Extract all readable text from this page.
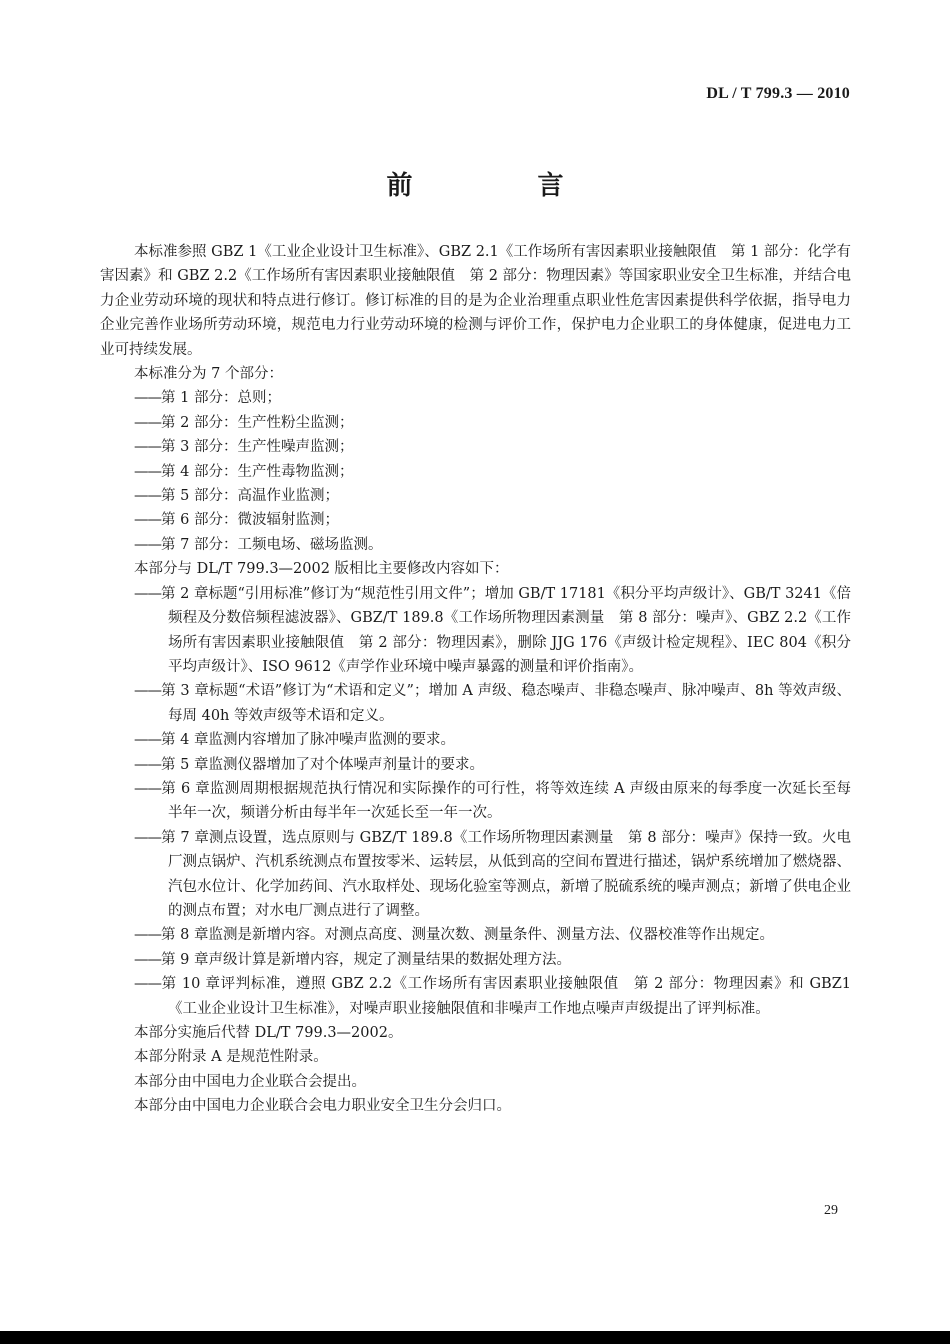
DL / T 799.3 — 2010
前 言

本标准参照 GBZ 1《工业企业设计卫生标准》、GBZ 2.1《工作场所有害因素职业接触限值　第 1 部分：化学有害因素》和 GBZ 2.2《工作场所有害因素职业接触限值　第 2 部分：物理因素》等国家职业安全卫生标准，并结合电力企业劳动环境的现状和特点进行修订。修订标准的目的是为企业治理重点职业性危害因素提供科学依据，指导电力企业完善作业场所劳动环境，规范电力行业劳动环境的检测与评价工作，保护电力企业职工的身体健康，促进电力工业可持续发展。

本标准分为 7 个部分：

——第 1 部分：总则；

——第 2 部分：生产性粉尘监测；

——第 3 部分：生产性噪声监测；

——第 4 部分：生产性毒物监测；

——第 5 部分：高温作业监测；

——第 6 部分：微波辐射监测；

——第 7 部分：工频电场、磁场监测。

本部分与 DL/T 799.3—2002 版相比主要修改内容如下：

——第 2 章标题“引用标准”修订为“规范性引用文件”；增加 GB/T 17181《积分平均声级计》、GB/T 3241《倍频程及分数倍频程滤波器》、GBZ/T 189.8《工作场所物理因素测量　第 8 部分：噪声》、GBZ 2.2《工作场所有害因素职业接触限值　第 2 部分：物理因素》，删除 JJG 176《声级计检定规程》、IEC 804《积分平均声级计》、ISO 9612《声学作业环境中噪声暴露的测量和评价指南》。

——第 3 章标题“术语”修订为“术语和定义”；增加 A 声级、稳态噪声、非稳态噪声、脉冲噪声、8h 等效声级、每周 40h 等效声级等术语和定义。

——第 4 章监测内容增加了脉冲噪声监测的要求。

——第 5 章监测仪器增加了对个体噪声剂量计的要求。

——第 6 章监测周期根据规范执行情况和实际操作的可行性，将等效连续 A 声级由原来的每季度一次延长至每半年一次，频谱分析由每半年一次延长至一年一次。

——第 7 章测点设置，选点原则与 GBZ/T 189.8《工作场所物理因素测量　第 8 部分：噪声》保持一致。火电厂测点锅炉、汽机系统测点布置按零米、运转层，从低到高的空间布置进行描述，锅炉系统增加了燃烧器、汽包水位计、化学加药间、汽水取样处、现场化验室等测点，新增了脱硫系统的噪声测点；新增了供电企业的测点布置；对水电厂测点进行了调整。

——第 8 章监测是新增内容。对测点高度、测量次数、测量条件、测量方法、仪器校准等作出规定。

——第 9 章声级计算是新增内容，规定了测量结果的数据处理方法。

——第 10 章评判标准，遵照 GBZ 2.2《工作场所有害因素职业接触限值　第 2 部分：物理因素》和 GBZ1《工业企业设计卫生标准》，对噪声职业接触限值和非噪声工作地点噪声声级提出了评判标准。

本部分实施后代替 DL/T 799.3—2002。

本部分附录 A 是规范性附录。

本部分由中国电力企业联合会提出。

本部分由中国电力企业联合会电力职业安全卫生分会归口。

29
